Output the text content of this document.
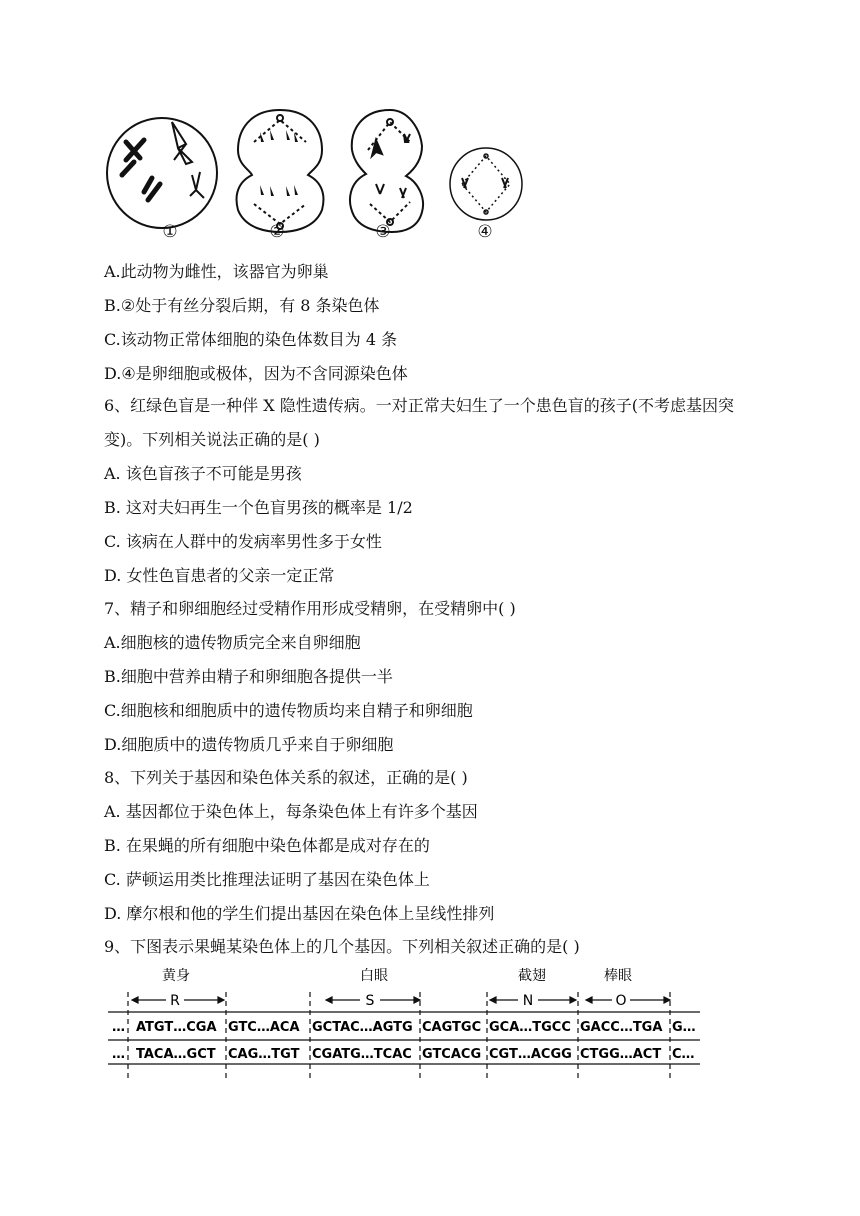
①	②	③	④
A.此动物为雌性，该器官为卵巢
B.②处于有丝分裂后期，有 8 条染色体
C.该动物正常体细胞的染色体数目为 4 条
D.④是卵细胞或极体，因为不含同源染色体
6、红绿色盲是一种伴 X 隐性遗传病。一对正常夫妇生了一个患色盲的孩子(不考虑基因突变)。下列相关说法正确的是( )
A. 该色盲孩子不可能是男孩
B. 这对夫妇再生一个色盲男孩的概率是 1/2
C. 该病在人群中的发病率男性多于女性
D. 女性色盲患者的父亲一定正常
7、精子和卵细胞经过受精作用形成受精卵，在受精卵中( )
A.细胞核的遗传物质完全来自卵细胞
B.细胞中营养由精子和卵细胞各提供一半
C.细胞核和细胞质中的遗传物质均来自精子和卵细胞
D.细胞质中的遗传物质几乎来自于卵细胞
8、下列关于基因和染色体关系的叙述，正确的是( )
A. 基因都位于染色体上，每条染色体上有许多个基因
B. 在果蝇的所有细胞中染色体都是成对存在的
C. 萨顿运用类比推理法证明了基因在染色体上
D. 摩尔根和他的学生们提出基因在染色体上呈线性排列
9、下图表示果蝇某染色体上的几个基因。下列相关叙述正确的是( )
黄身	白眼	截翅	棒眼
R	S	N	O
… ATGT…CGA GTC…ACA GCTAC…AGTG CAGTGC GCA…TGCC GACC…TGA G…
… TACA…GCT CAG…TGT CGATG…TCAC GTCACG CGT…ACGG CTGG…ACT C…
